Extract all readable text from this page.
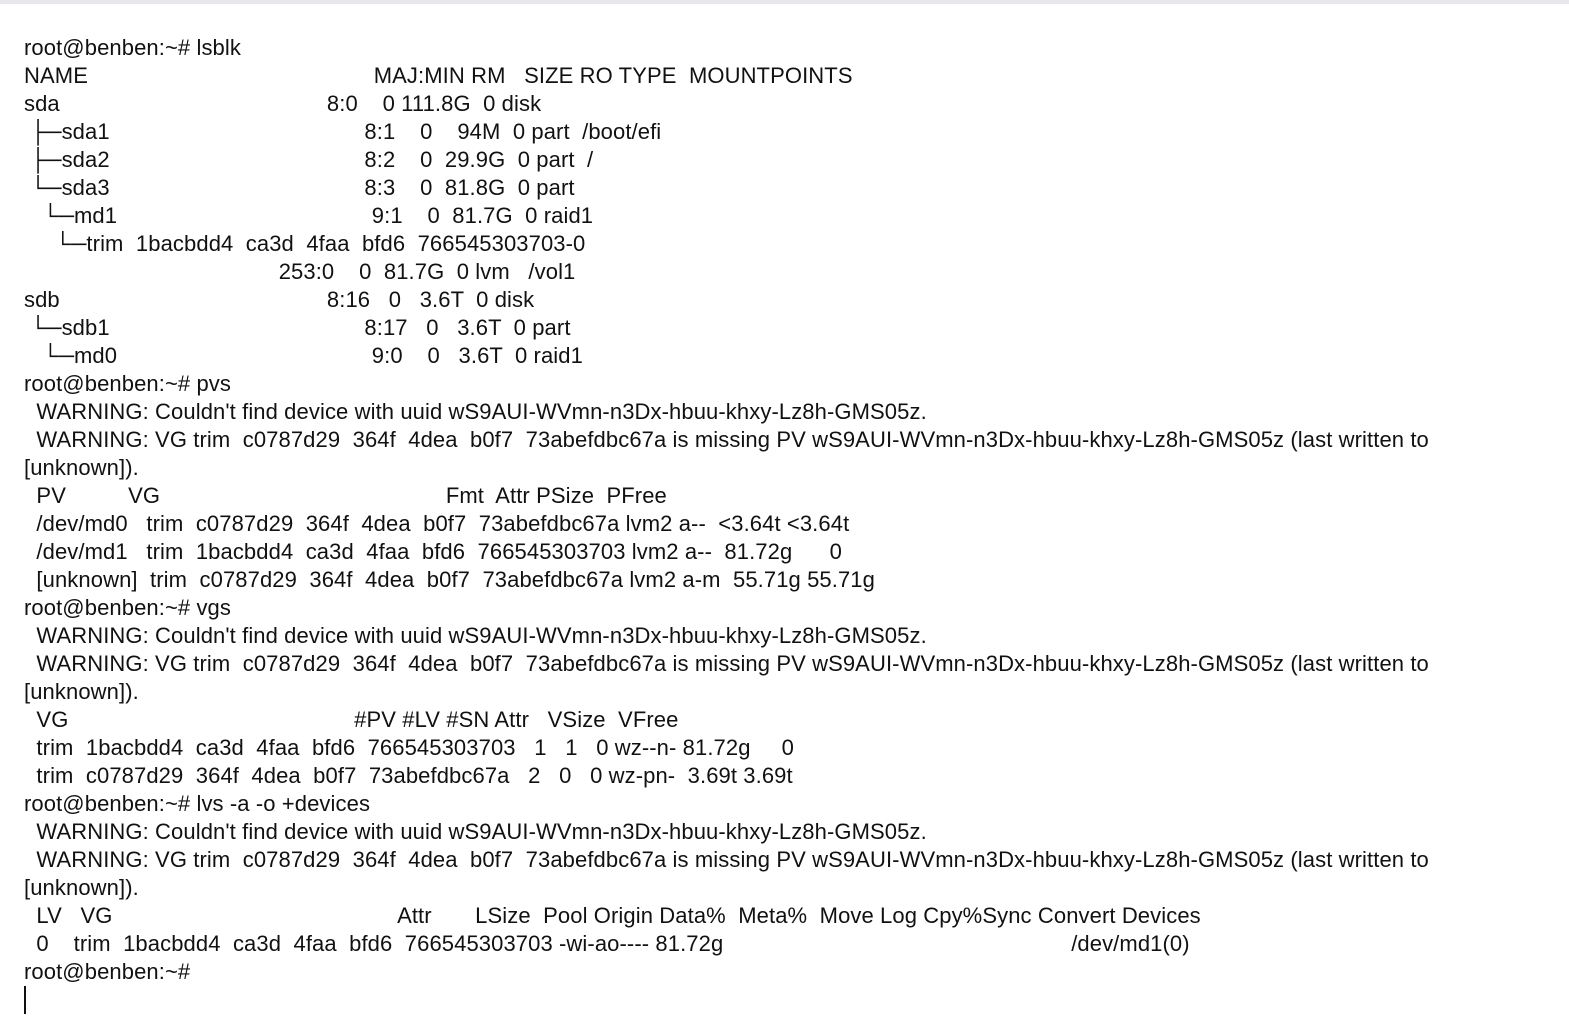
root@benben:~# lsblk
NAME                                              MAJ:MIN RM   SIZE RO TYPE  MOUNTPOINTS
sda                                           8:0    0 111.8G  0 disk
├─sda1                                         8:1    0    94M  0 part  /boot/efi
├─sda2                                         8:2    0  29.9G  0 part  /
└─sda3                                         8:3    0  81.8G  0 part
└─md1                                         9:1    0  81.7G  0 raid1
└─trim  1bacbdd4  ca3d  4faa  bfd6  766545303703-0
253:0    0  81.7G  0 lvm   /vol1
sdb                                           8:16   0   3.6T  0 disk
└─sdb1                                         8:17   0   3.6T  0 part
└─md0                                         9:0    0   3.6T  0 raid1
root@benben:~# pvs
WARNING: Couldn't find device with uuid wS9AUI-WVmn-n3Dx-hbuu-khxy-Lz8h-GMS05z.
WARNING: VG trim  c0787d29  364f  4dea  b0f7  73abefdbc67a is missing PV wS9AUI-WVmn-n3Dx-hbuu-khxy-Lz8h-GMS05z (last written to
[unknown]).
PV          VG                                              Fmt  Attr PSize  PFree
/dev/md0   trim  c0787d29  364f  4dea  b0f7  73abefdbc67a lvm2 a--  <3.64t <3.64t
/dev/md1   trim  1bacbdd4  ca3d  4faa  bfd6  766545303703 lvm2 a--  81.72g      0
[unknown]  trim  c0787d29  364f  4dea  b0f7  73abefdbc67a lvm2 a-m  55.71g 55.71g
root@benben:~# vgs
WARNING: Couldn't find device with uuid wS9AUI-WVmn-n3Dx-hbuu-khxy-Lz8h-GMS05z.
WARNING: VG trim  c0787d29  364f  4dea  b0f7  73abefdbc67a is missing PV wS9AUI-WVmn-n3Dx-hbuu-khxy-Lz8h-GMS05z (last written to
[unknown]).
VG                                              #PV #LV #SN Attr   VSize  VFree
trim  1bacbdd4  ca3d  4faa  bfd6  766545303703   1   1   0 wz--n- 81.72g     0
trim  c0787d29  364f  4dea  b0f7  73abefdbc67a   2   0   0 wz-pn-  3.69t 3.69t
root@benben:~# lvs -a -o +devices
WARNING: Couldn't find device with uuid wS9AUI-WVmn-n3Dx-hbuu-khxy-Lz8h-GMS05z.
WARNING: VG trim  c0787d29  364f  4dea  b0f7  73abefdbc67a is missing PV wS9AUI-WVmn-n3Dx-hbuu-khxy-Lz8h-GMS05z (last written to
[unknown]).
LV   VG                                              Attr       LSize  Pool Origin Data%  Meta%  Move Log Cpy%Sync Convert Devices
0    trim  1bacbdd4  ca3d  4faa  bfd6  766545303703 -wi-ao---- 81.72g                                                        /dev/md1(0)
root@benben:~#
